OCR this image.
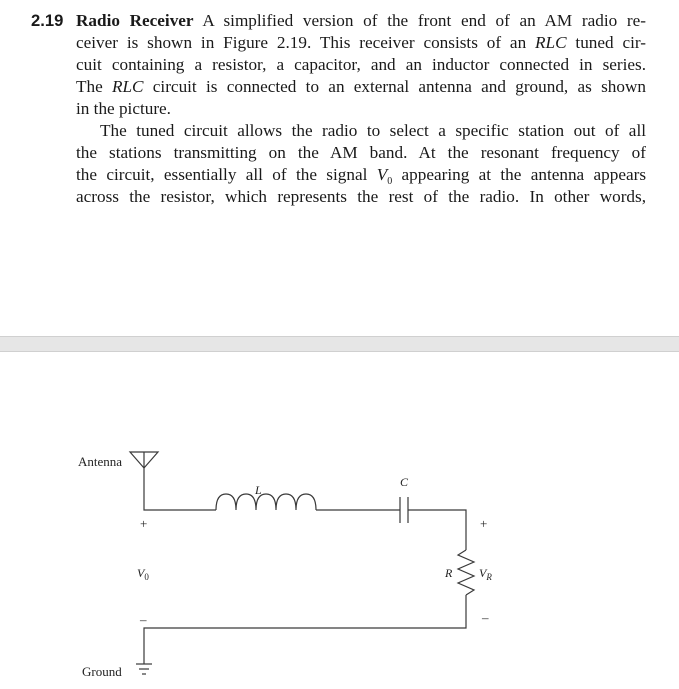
2.19 Radio Receiver A simplified version of the front end of an AM radio re-
ceiver is shown in Figure 2.19. This receiver consists of an RLC tuned cir-
cuit containing a resistor, a capacitor, and an inductor connected in series.
The RLC circuit is connected to an external antenna and ground, as shown
in the picture.
The tuned circuit allows the radio to select a specific station out of all
the stations transmitting on the AM band. At the resonant frequency of
the circuit, essentially all of the signal $V_0$ appearing at the antenna appears
across the resistor, which represents the rest of the radio. In other words,
Antenna
Ground
L
C
R
+
$V_0$
–
+
$V_R$
–
